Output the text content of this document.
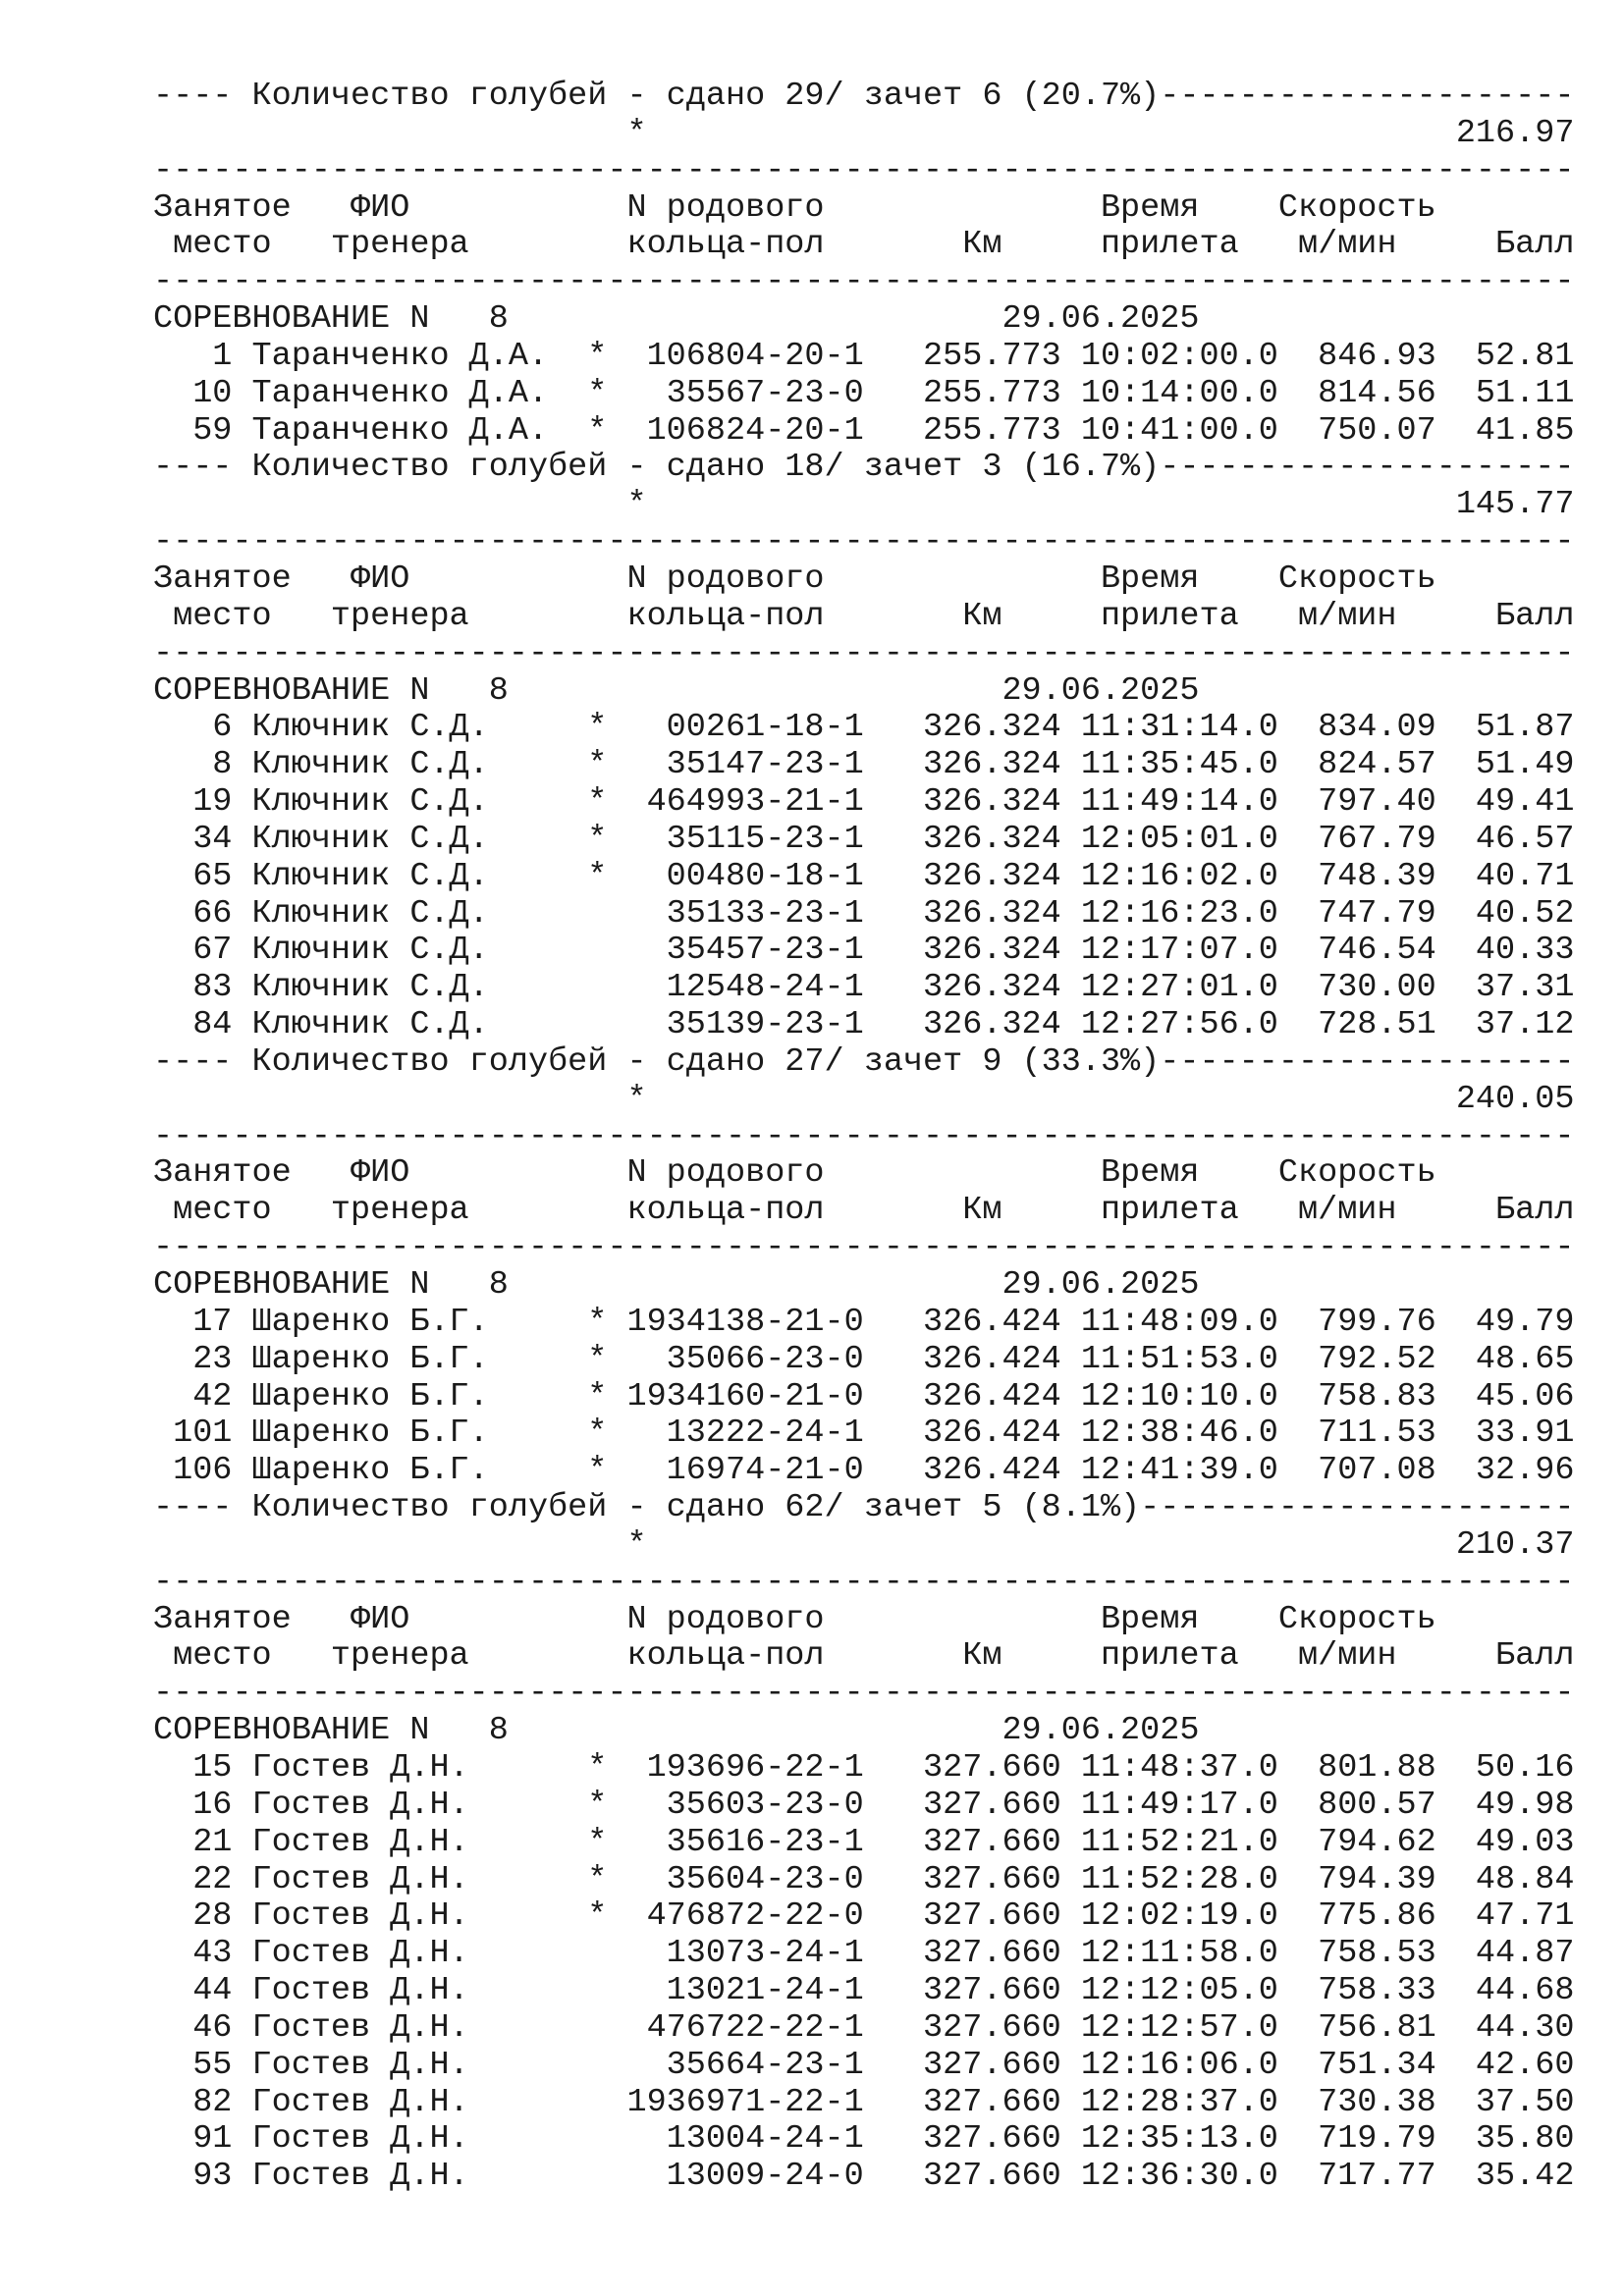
---- Количество голубей - сдано 29/ зачет 6 (20.7%)---------------------
*                                         216.97
------------------------------------------------------------------------
Занятое   ФИО           N родового              Время    Скорость
место   тренера        кольца-пол       Км     прилета   м/мин     Балл
------------------------------------------------------------------------
СОРЕВНОВАНИЕ N   8                         29.06.2025
1 Таранченко Д.А.  *  106804-20-1   255.773 10:02:00.0  846.93  52.81
10 Таранченко Д.А.  *   35567-23-0   255.773 10:14:00.0  814.56  51.11
59 Таранченко Д.А.  *  106824-20-1   255.773 10:41:00.0  750.07  41.85
---- Количество голубей - сдано 18/ зачет 3 (16.7%)---------------------
*                                         145.77
------------------------------------------------------------------------
Занятое   ФИО           N родового              Время    Скорость
место   тренера        кольца-пол       Км     прилета   м/мин     Балл
------------------------------------------------------------------------
СОРЕВНОВАНИЕ N   8                         29.06.2025
6 Ключник С.Д.     *   00261-18-1   326.324 11:31:14.0  834.09  51.87
8 Ключник С.Д.     *   35147-23-1   326.324 11:35:45.0  824.57  51.49
19 Ключник С.Д.     *  464993-21-1   326.324 11:49:14.0  797.40  49.41
34 Ключник С.Д.     *   35115-23-1   326.324 12:05:01.0  767.79  46.57
65 Ключник С.Д.     *   00480-18-1   326.324 12:16:02.0  748.39  40.71
66 Ключник С.Д.         35133-23-1   326.324 12:16:23.0  747.79  40.52
67 Ключник С.Д.         35457-23-1   326.324 12:17:07.0  746.54  40.33
83 Ключник С.Д.         12548-24-1   326.324 12:27:01.0  730.00  37.31
84 Ключник С.Д.         35139-23-1   326.324 12:27:56.0  728.51  37.12
---- Количество голубей - сдано 27/ зачет 9 (33.3%)---------------------
*                                         240.05
------------------------------------------------------------------------
Занятое   ФИО           N родового              Время    Скорость
место   тренера        кольца-пол       Км     прилета   м/мин     Балл
------------------------------------------------------------------------
СОРЕВНОВАНИЕ N   8                         29.06.2025
17 Шаренко Б.Г.     * 1934138-21-0   326.424 11:48:09.0  799.76  49.79
23 Шаренко Б.Г.     *   35066-23-0   326.424 11:51:53.0  792.52  48.65
42 Шаренко Б.Г.     * 1934160-21-0   326.424 12:10:10.0  758.83  45.06
101 Шаренко Б.Г.     *   13222-24-1   326.424 12:38:46.0  711.53  33.91
106 Шаренко Б.Г.     *   16974-21-0   326.424 12:41:39.0  707.08  32.96
---- Количество голубей - сдано 62/ зачет 5 (8.1%)----------------------
*                                         210.37
------------------------------------------------------------------------
Занятое   ФИО           N родового              Время    Скорость
место   тренера        кольца-пол       Км     прилета   м/мин     Балл
------------------------------------------------------------------------
СОРЕВНОВАНИЕ N   8                         29.06.2025
15 Гостев Д.Н.      *  193696-22-1   327.660 11:48:37.0  801.88  50.16
16 Гостев Д.Н.      *   35603-23-0   327.660 11:49:17.0  800.57  49.98
21 Гостев Д.Н.      *   35616-23-1   327.660 11:52:21.0  794.62  49.03
22 Гостев Д.Н.      *   35604-23-0   327.660 11:52:28.0  794.39  48.84
28 Гостев Д.Н.      *  476872-22-0   327.660 12:02:19.0  775.86  47.71
43 Гостев Д.Н.          13073-24-1   327.660 12:11:58.0  758.53  44.87
44 Гостев Д.Н.          13021-24-1   327.660 12:12:05.0  758.33  44.68
46 Гостев Д.Н.         476722-22-1   327.660 12:12:57.0  756.81  44.30
55 Гостев Д.Н.          35664-23-1   327.660 12:16:06.0  751.34  42.60
82 Гостев Д.Н.        1936971-22-1   327.660 12:28:37.0  730.38  37.50
91 Гостев Д.Н.          13004-24-1   327.660 12:35:13.0  719.79  35.80
93 Гостев Д.Н.          13009-24-0   327.660 12:36:30.0  717.77  35.42
